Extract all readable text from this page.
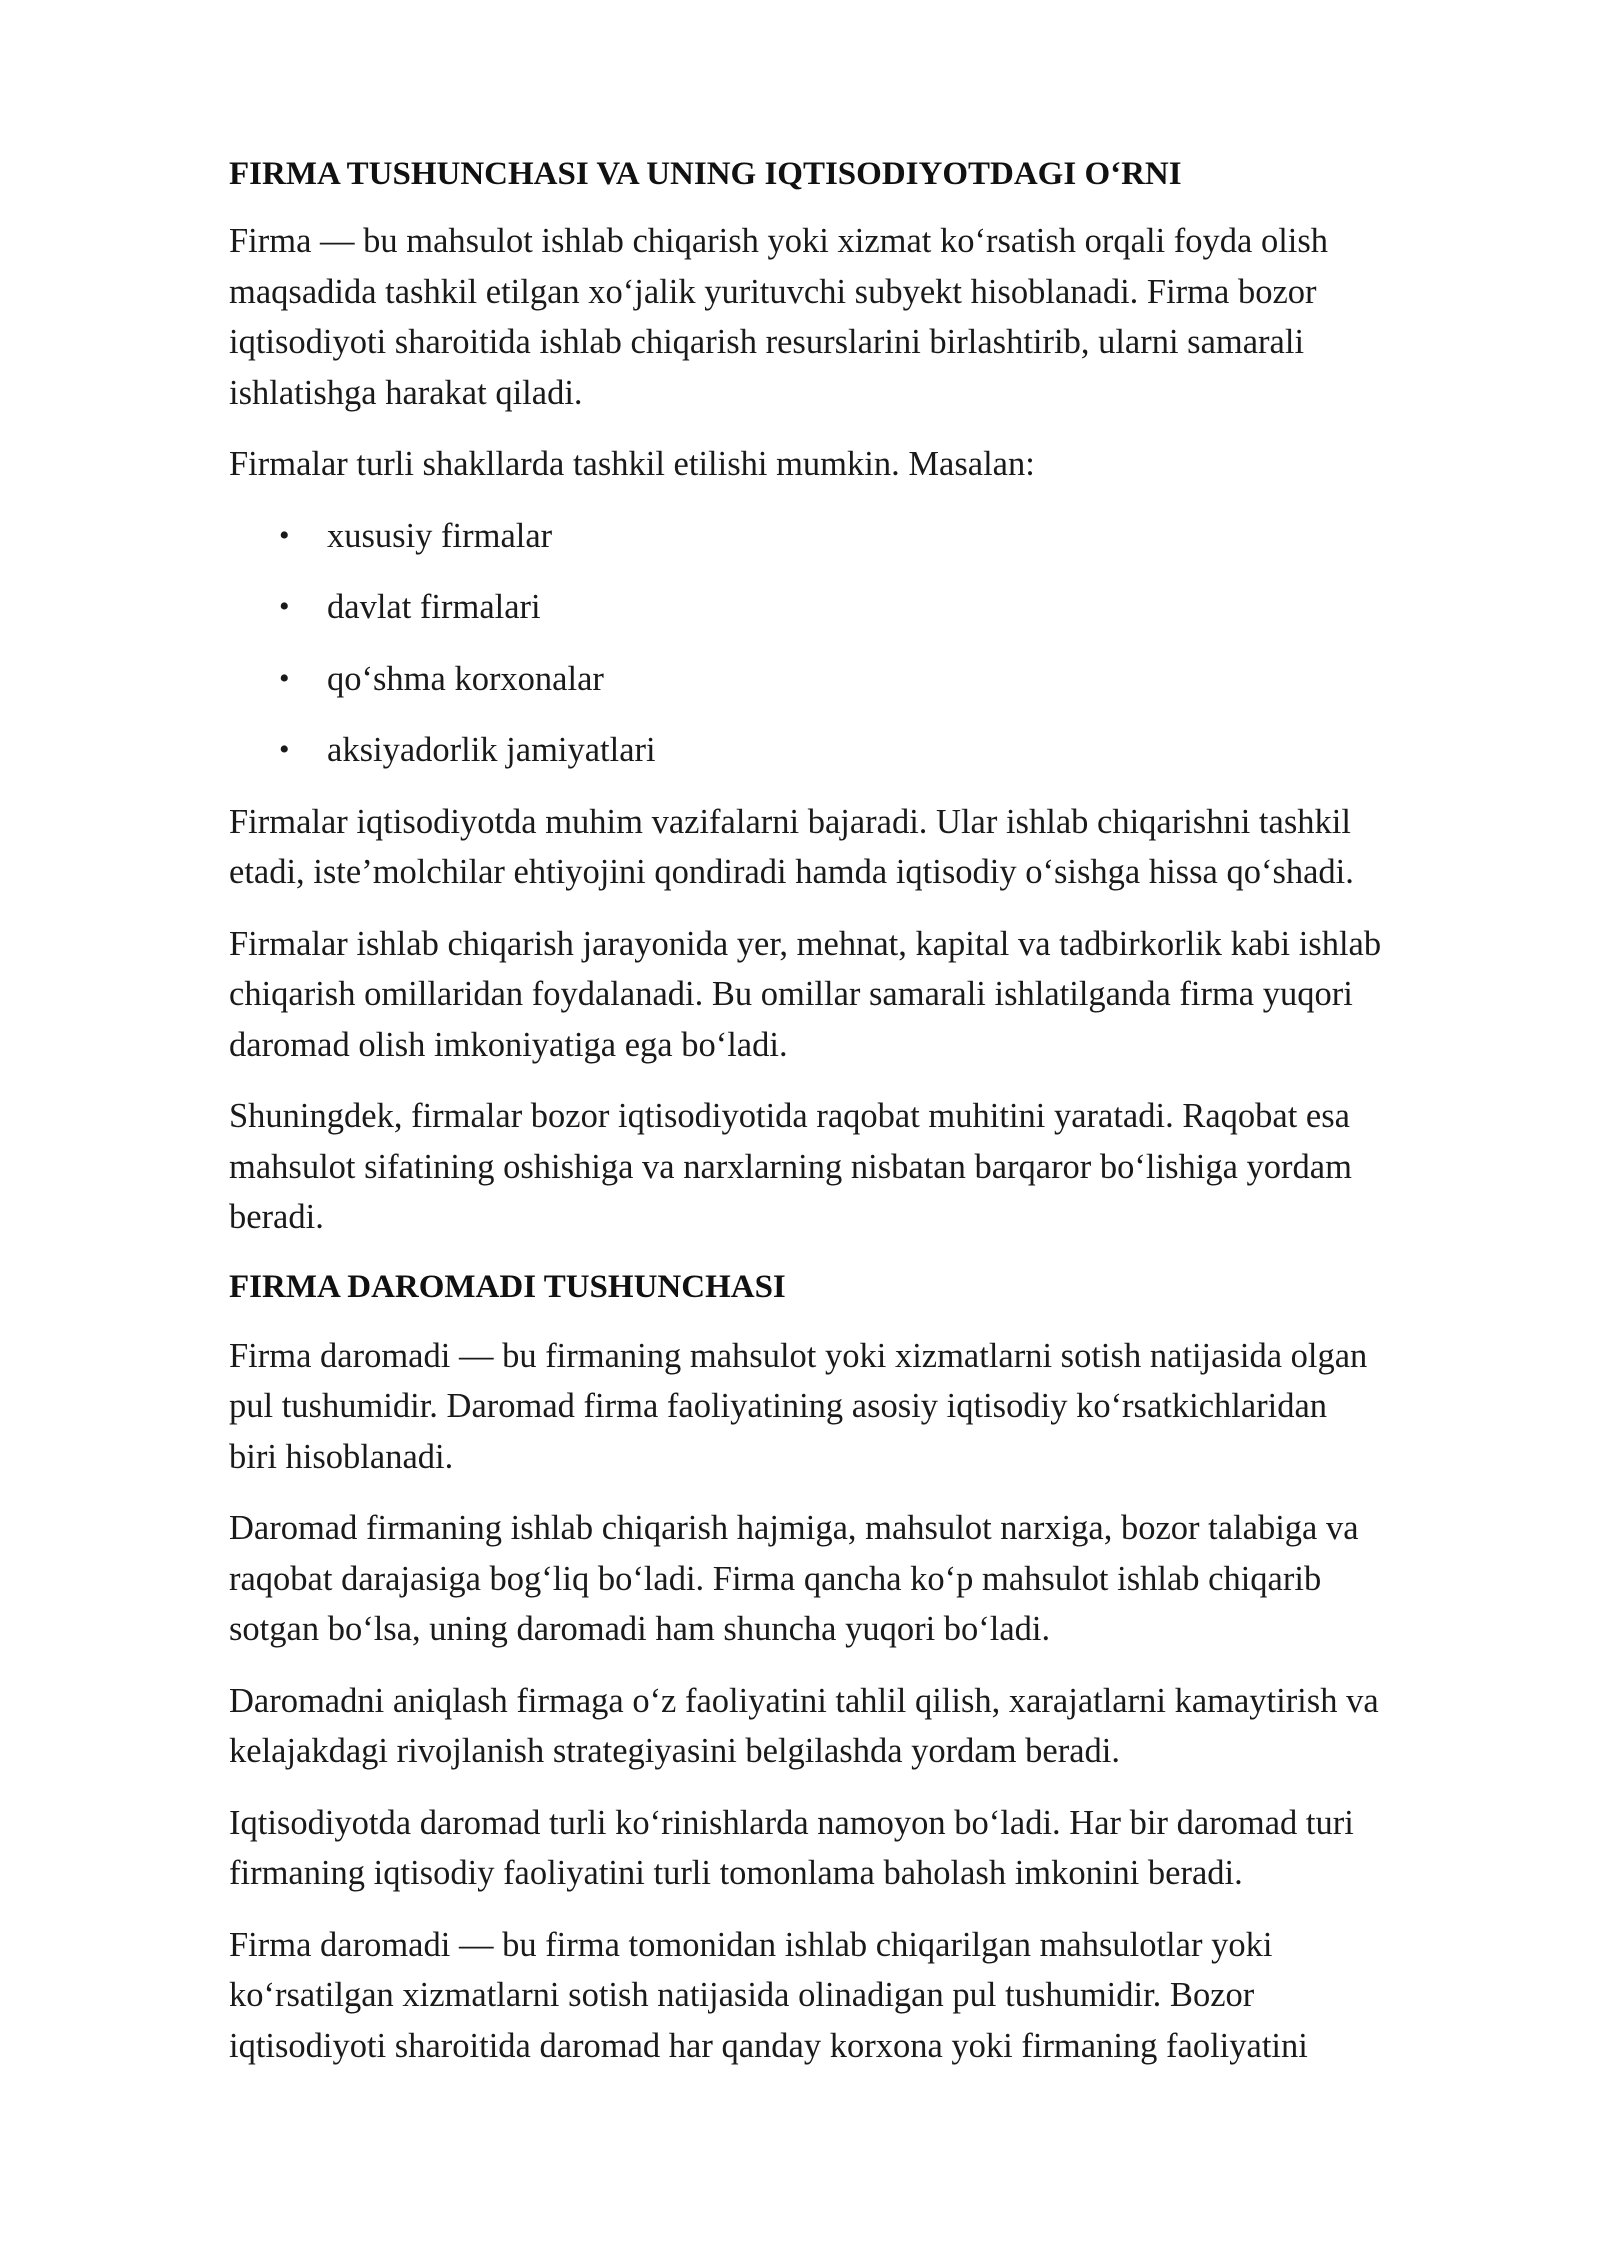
FIRMA TUSHUNCHASI VA UNING IQTISODIYOTDAGI O‘RNI

Firma — bu mahsulot ishlab chiqarish yoki xizmat ko‘rsatish orqali foyda olish
maqsadida tashkil etilgan xo‘jalik yurituvchi subyekt hisoblanadi. Firma bozor
iqtisodiyoti sharoitida ishlab chiqarish resurslarini birlashtirib, ularni samarali
ishlatishga harakat qiladi.

Firmalar turli shakllarda tashkil etilishi mumkin. Masalan:

• xususiy firmalar
• davlat firmalari
• qo‘shma korxonalar
• aksiyadorlik jamiyatlari

Firmalar iqtisodiyotda muhim vazifalarni bajaradi. Ular ishlab chiqarishni tashkil
etadi, iste’molchilar ehtiyojini qondiradi hamda iqtisodiy o‘sishga hissa qo‘shadi.

Firmalar ishlab chiqarish jarayonida yer, mehnat, kapital va tadbirkorlik kabi ishlab
chiqarish omillaridan foydalanadi. Bu omillar samarali ishlatilganda firma yuqori
daromad olish imkoniyatiga ega bo‘ladi.

Shuningdek, firmalar bozor iqtisodiyotida raqobat muhitini yaratadi. Raqobat esa
mahsulot sifatining oshishiga va narxlarning nisbatan barqaror bo‘lishiga yordam
beradi.

FIRMA DAROMADI TUSHUNCHASI

Firma daromadi — bu firmaning mahsulot yoki xizmatlarni sotish natijasida olgan
pul tushumidir. Daromad firma faoliyatining asosiy iqtisodiy ko‘rsatkichlaridan
biri hisoblanadi.

Daromad firmaning ishlab chiqarish hajmiga, mahsulot narxiga, bozor talabiga va
raqobat darajasiga bog‘liq bo‘ladi. Firma qancha ko‘p mahsulot ishlab chiqarib
sotgan bo‘lsa, uning daromadi ham shuncha yuqori bo‘ladi.

Daromadni aniqlash firmaga o‘z faoliyatini tahlil qilish, xarajatlarni kamaytirish va
kelajakdagi rivojlanish strategiyasini belgilashda yordam beradi.

Iqtisodiyotda daromad turli ko‘rinishlarda namoyon bo‘ladi. Har bir daromad turi
firmaning iqtisodiy faoliyatini turli tomonlama baholash imkonini beradi.

Firma daromadi — bu firma tomonidan ishlab chiqarilgan mahsulotlar yoki
ko‘rsatilgan xizmatlarni sotish natijasida olinadigan pul tushumidir. Bozor
iqtisodiyoti sharoitida daromad har qanday korxona yoki firmaning faoliyatini
